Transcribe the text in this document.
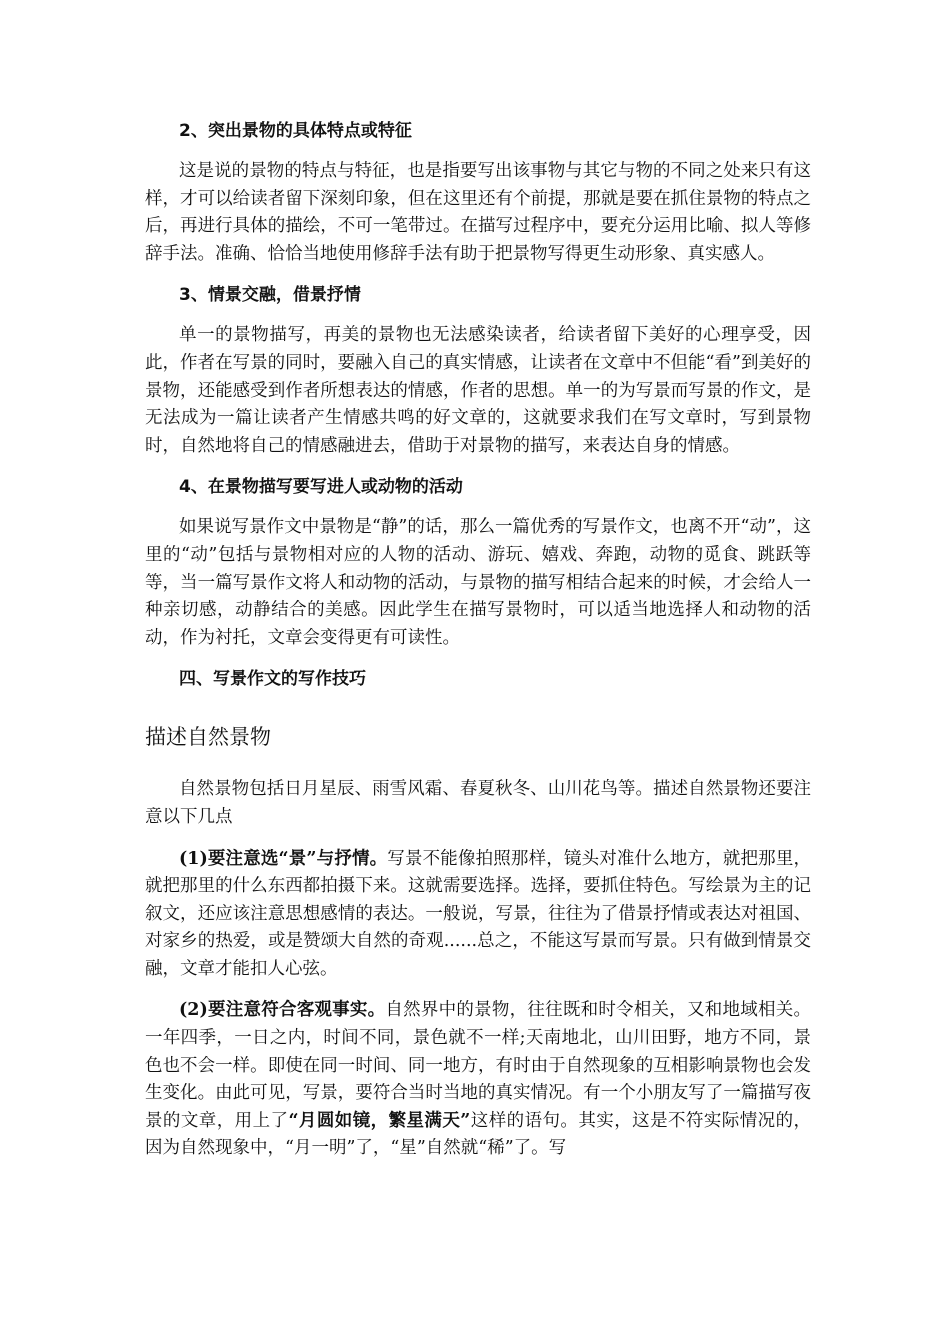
2、突出景物的具体特点或特征

这是说的景物的特点与特征，也是指要写出该事物与其它与物的不同之处来只有这样，才可以给读者留下深刻印象，但在这里还有个前提，那就是要在抓住景物的特点之后，再进行具体的描绘，不可一笔带过。在描写过程序中，要充分运用比喻、拟人等修辞手法。准确、恰恰当地使用修辞手法有助于把景物写得更生动形象、真实感人。

3、情景交融，借景抒情

单一的景物描写，再美的景物也无法感染读者，给读者留下美好的心理享受，因此，作者在写景的同时，要融入自己的真实情感，让读者在文章中不但能“看”到美好的景物，还能感受到作者所想表达的情感，作者的思想。单一的为写景而写景的作文，是无法成为一篇让读者产生情感共鸣的好文章的，这就要求我们在写文章时，写到景物时，自然地将自己的情感融进去，借助于对景物的描写，来表达自身的情感。

4、在景物描写要写进人或动物的活动

如果说写景作文中景物是“静”的话，那么一篇优秀的写景作文，也离不开“动”，这里的“动”包括与景物相对应的人物的活动、游玩、嬉戏、奔跑，动物的觅食、跳跃等等，当一篇写景作文将人和动物的活动，与景物的描写相结合起来的时候，才会给人一种亲切感，动静结合的美感。因此学生在描写景物时，可以适当地选择人和动物的活动，作为衬托，文章会变得更有可读性。

四、写景作文的写作技巧
描述自然景物

自然景物包括日月星辰、雨雪风霜、春夏秋冬、山川花鸟等。描述自然景物还要注意以下几点

(1)要注意选“景”与抒情。写景不能像拍照那样，镜头对准什么地方，就把那里，就把那里的什么东西都拍摄下来。这就需要选择。选择，要抓住特色。写绘景为主的记叙文，还应该注意思想感情的表达。一般说，写景，往往为了借景抒情或表达对祖国、对家乡的热爱，或是赞颂大自然的奇观......总之，不能这写景而写景。只有做到情景交融，文章才能扣人心弦。

(2)要注意符合客观事实。自然界中的景物，往往既和时令相关，又和地域相关。一年四季，一日之内，时间不同，景色就不一样;天南地北，山川田野，地方不同，景色也不会一样。即使在同一时间、同一地方，有时由于自然现象的互相影响景物也会发生变化。由此可见，写景，要符合当时当地的真实情况。有一个小朋友写了一篇描写夜景的文章，用上了“月圆如镜，繁星满天”这样的语句。其实，这是不符实际情况的，因为自然现象中，“月一明”了，“星”自然就“稀”了。写
